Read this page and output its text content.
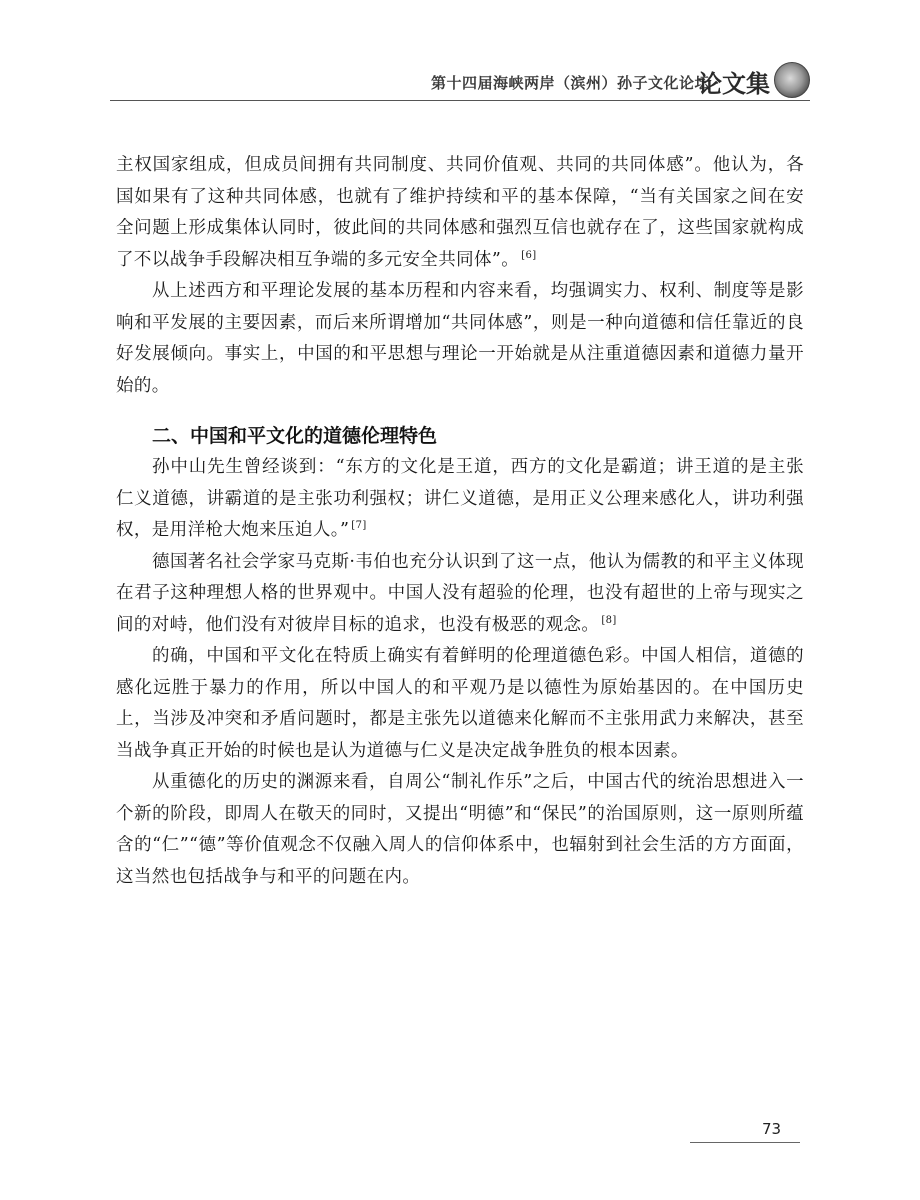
第十四届海峡两岸（滨州）孙子文化论坛
论文集

主权国家组成，但成员间拥有共同制度、共同价值观、共同的共同体感”。他认为，各国如果有了这种共同体感，也就有了维护持续和平的基本保障，“当有关国家之间在安全问题上形成集体认同时，彼此间的共同体感和强烈互信也就存在了，这些国家就构成了不以战争手段解决相互争端的多元安全共同体”。 [6]

从上述西方和平理论发展的基本历程和内容来看，均强调实力、权利、制度等是影响和平发展的主要因素，而后来所谓增加“共同体感”，则是一种向道德和信任靠近的良好发展倾向。事实上，中国的和平思想与理论一开始就是从注重道德因素和道德力量开始的。

二、中国和平文化的道德伦理特色

孙中山先生曾经谈到：“东方的文化是王道，西方的文化是霸道；讲王道的是主张仁义道德，讲霸道的是主张功利强权；讲仁义道德，是用正义公理来感化人，讲功利强权，是用洋枪大炮来压迫人。” [7]

德国著名社会学家马克斯·韦伯也充分认识到了这一点，他认为儒教的和平主义体现在君子这种理想人格的世界观中。中国人没有超验的伦理，也没有超世的上帝与现实之间的对峙，他们没有对彼岸目标的追求，也没有极恶的观念。 [8]

的确，中国和平文化在特质上确实有着鲜明的伦理道德色彩。中国人相信，道德的感化远胜于暴力的作用，所以中国人的和平观乃是以德性为原始基因的。在中国历史上，当涉及冲突和矛盾问题时，都是主张先以道德来化解而不主张用武力来解决，甚至当战争真正开始的时候也是认为道德与仁义是决定战争胜负的根本因素。

从重德化的历史的渊源来看，自周公“制礼作乐”之后，中国古代的统治思想进入一个新的阶段，即周人在敬天的同时，又提出“明德”和“保民”的治国原则，这一原则所蕴含的“仁”“德”等价值观念不仅融入周人的信仰体系中，也辐射到社会生活的方方面面，这当然也包括战争与和平的问题在内。

73
